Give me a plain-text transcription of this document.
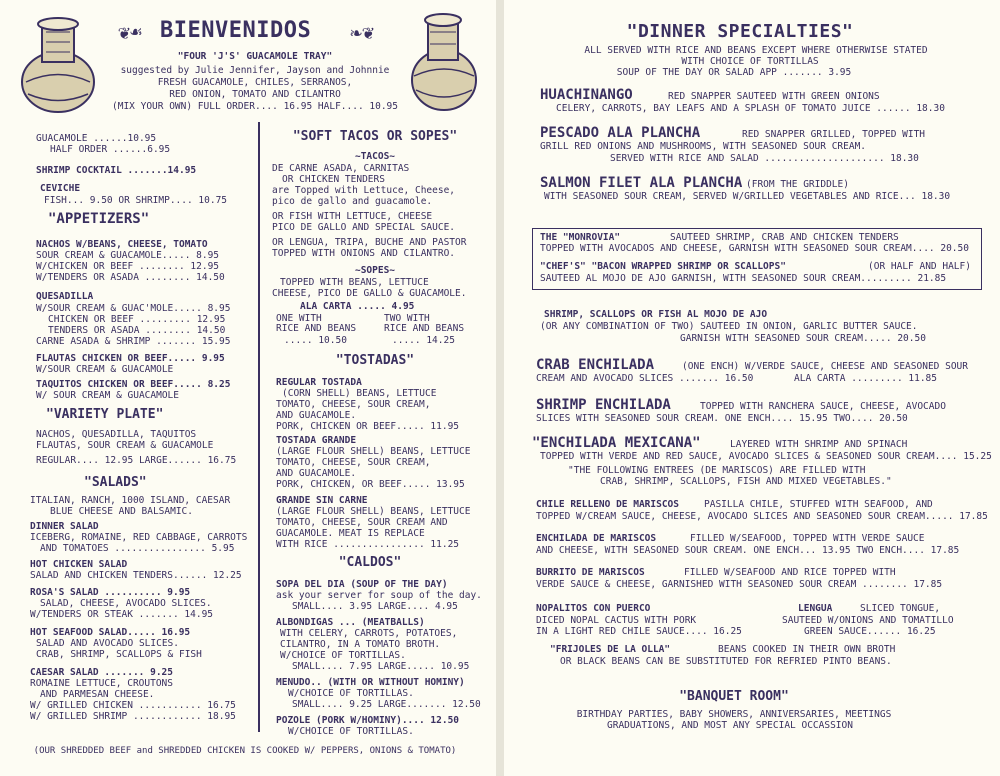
❦☙	❧❦
BIENVENIDOS
"FOUR 'J'S' GUACAMOLE TRAY"
suggested by Julie Jennifer, Jayson and Johnnie
FRESH GUACAMOLE, CHILES, SERRANOS,
RED ONION, TOMATO AND CILANTRO
(MIX YOUR OWN) FULL ORDER.... 16.95 HALF.... 10.95
GUACAMOLE ......10.95
HALF ORDER ......6.95
SHRIMP COCKTAIL .......14.95
CEVICHE
FISH... 9.50 OR SHRIMP.... 10.75
"APPETIZERS"
NACHOS W/BEANS, CHEESE, TOMATO
SOUR CREAM & GUACAMOLE..... 8.95
W/CHICKEN OR BEEF ........ 12.95
W/TENDERS OR ASADA ........ 14.50
QUESADILLA
W/SOUR CREAM & GUAC'MOLE..... 8.95
CHICKEN OR BEEF ......... 12.95
TENDERS OR ASADA ........ 14.50
CARNE ASADA & SHRIMP ....... 15.95
FLAUTAS CHICKEN OR BEEF..... 9.95
W/SOUR CREAM & GUACAMOLE
TAQUITOS CHICKEN OR BEEF..... 8.25
W/ SOUR CREAM & GUACAMOLE
"VARIETY PLATE"
NACHOS, QUESADILLA, TAQUITOS
FLAUTAS, SOUR CREAM & GUACAMOLE
REGULAR.... 12.95 LARGE...... 16.75
"SALADS"
ITALIAN, RANCH, 1000 ISLAND, CAESAR
BLUE CHEESE AND BALSAMIC.
DINNER SALAD
ICEBERG, ROMAINE, RED CABBAGE, CARROTS
AND TOMATOES ................ 5.95
HOT CHICKEN SALAD
SALAD AND CHICKEN TENDERS...... 12.25
ROSA'S SALAD .......... 9.95
SALAD, CHEESE, AVOCADO SLICES.
W/TENDERS OR STEAK ....... 14.95
HOT SEAFOOD SALAD..... 16.95
SALAD AND AVOCADO SLICES.
CRAB, SHRIMP, SCALLOPS & FISH
CAESAR SALAD ....... 9.25
ROMAINE LETTUCE, CROUTONS
AND PARMESAN CHEESE.
W/ GRILLED CHICKEN ........... 16.75
W/ GRILLED SHRIMP ............ 18.95
"SOFT TACOS OR SOPES"
~TACOS~
DE CARNE ASADA, CARNITAS
OR CHICKEN TENDERS
are Topped with Lettuce, Cheese,
pico de gallo and guacamole.
OR FISH WITH LETTUCE, CHEESE
PICO DE GALLO AND SPECIAL SAUCE.
OR LENGUA, TRIPA, BUCHE AND PASTOR
TOPPED WITH ONIONS AND CILANTRO.
~SOPES~
TOPPED WITH BEANS, LETTUCE
CHEESE, PICO DE GALLO & GUACAMOLE.
ALA CARTA ..... 4.95
ONE WITH
RICE AND BEANS
..... 10.50
TWO WITH
RICE AND BEANS
..... 14.25
"TOSTADAS"
REGULAR TOSTADA
(CORN SHELL) BEANS, LETTUCE
TOMATO, CHEESE, SOUR CREAM,
AND GUACAMOLE.
PORK, CHICKEN OR BEEF..... 11.95
TOSTADA GRANDE
(LARGE FLOUR SHELL) BEANS, LETTUCE
TOMATO, CHEESE, SOUR CREAM,
AND GUACAMOLE.
PORK, CHICKEN, OR BEEF..... 13.95
GRANDE SIN CARNE
(LARGE FLOUR SHELL) BEANS, LETTUCE
TOMATO, CHEESE, SOUR CREAM AND
GUACAMOLE. MEAT IS REPLACE
WITH RICE ................ 11.25
"CALDOS"
SOPA DEL DIA (SOUP OF THE DAY)
ask your server for soup of the day.
SMALL.... 3.95 LARGE.... 4.95
ALBONDIGAS ... (MEATBALLS)
WITH CELERY, CARROTS, POTATOES,
CILANTRO, IN A TOMATO BROTH.
W/CHOICE OF TORTILLAS.
SMALL.... 7.95 LARGE..... 10.95
MENUDO.. (WITH OR WITHOUT HOMINY)
W/CHOICE OF TORTILLAS.
SMALL.... 9.25 LARGE....... 12.50
POZOLE (PORK W/HOMINY).... 12.50
W/CHOICE OF TORTILLAS.
(OUR SHREDDED BEEF and SHREDDED CHICKEN IS COOKED W/ PEPPERS, ONIONS & TOMATO)
"DINNER SPECIALTIES"
ALL SERVED WITH RICE AND BEANS EXCEPT WHERE OTHERWISE STATED
WITH CHOICE OF TORTILLAS
SOUP OF THE DAY OR SALAD APP ....... 3.95
HUACHINANGO	RED SNAPPER SAUTEED WITH GREEN ONIONS
CELERY, CARROTS, BAY LEAFS AND A SPLASH OF TOMATO JUICE ...... 18.30
PESCADO ALA PLANCHA	RED SNAPPER GRILLED, TOPPED WITH
GRILL RED ONIONS AND MUSHROOMS, WITH SEASONED SOUR CREAM.
SERVED WITH RICE AND SALAD ..................... 18.30
SALMON FILET ALA PLANCHA (FROM THE GRIDDLE)
WITH SEASONED SOUR CREAM, SERVED W/GRILLED VEGETABLES AND RICE... 18.30
THE "MONROVIA"	SAUTEED SHRIMP, CRAB AND CHICKEN TENDERS
TOPPED WITH AVOCADOS AND CHEESE, GARNISH WITH SEASONED SOUR CREAM.... 20.50
"CHEF'S" "BACON WRAPPED SHRIMP OR SCALLOPS"	(OR HALF AND HALF)
SAUTEED AL MOJO DE AJO GARNISH, WITH SEASONED SOUR CREAM......... 21.85
SHRIMP, SCALLOPS OR FISH AL MOJO DE AJO
(OR ANY COMBINATION OF TWO) SAUTEED IN ONION, GARLIC BUTTER SAUCE.
GARNISH WITH SEASONED SOUR CREAM..... 20.50
CRAB ENCHILADA	(ONE ENCH) W/VERDE SAUCE, CHEESE AND SEASONED SOUR
CREAM AND AVOCADO SLICES ....... 16.50	ALA CARTA ......... 11.85
SHRIMP ENCHILADA	TOPPED WITH RANCHERA SAUCE, CHEESE, AVOCADO
SLICES WITH SEASONED SOUR CREAM. ONE ENCH.... 15.95 TWO.... 20.50
"ENCHILADA MEXICANA"	LAYERED WITH SHRIMP AND SPINACH
TOPPED WITH VERDE AND RED SAUCE, AVOCADO SLICES & SEASONED SOUR CREAM.... 15.25
"THE FOLLOWING ENTREES (DE MARISCOS) ARE FILLED WITH
CRAB, SHRIMP, SCALLOPS, FISH AND MIXED VEGETABLES."
CHILE RELLENO DE MARISCOS	PASILLA CHILE, STUFFED WITH SEAFOOD, AND
TOPPED W/CREAM SAUCE, CHEESE, AVOCADO SLICES AND SEASONED SOUR CREAM..... 17.85
ENCHILADA DE MARISCOS	FILLED W/SEAFOOD, TOPPED WITH VERDE SAUCE
AND CHEESE, WITH SEASONED SOUR CREAM. ONE ENCH... 13.95 TWO ENCH.... 17.85
BURRITO DE MARISCOS	FILLED W/SEAFOOD AND RICE TOPPED WITH
VERDE SAUCE & CHEESE, GARNISHED WITH SEASONED SOUR CREAM ........ 17.85
NOPALITOS CON PUERCO
DICED NOPAL CACTUS WITH PORK
IN A LIGHT RED CHILE SAUCE.... 16.25
LENGUA	SLICED TONGUE,
SAUTEED W/ONIONS AND TOMATILLO
GREEN SAUCE...... 16.25
"FRIJOLES DE LA OLLA"	BEANS COOKED IN THEIR OWN BROTH
OR BLACK BEANS CAN BE SUBSTITUTED FOR REFRIED PINTO BEANS.
"BANQUET ROOM"
BIRTHDAY PARTIES, BABY SHOWERS, ANNIVERSARIES, MEETINGS
GRADUATIONS, AND MOST ANY SPECIAL OCCASSION
